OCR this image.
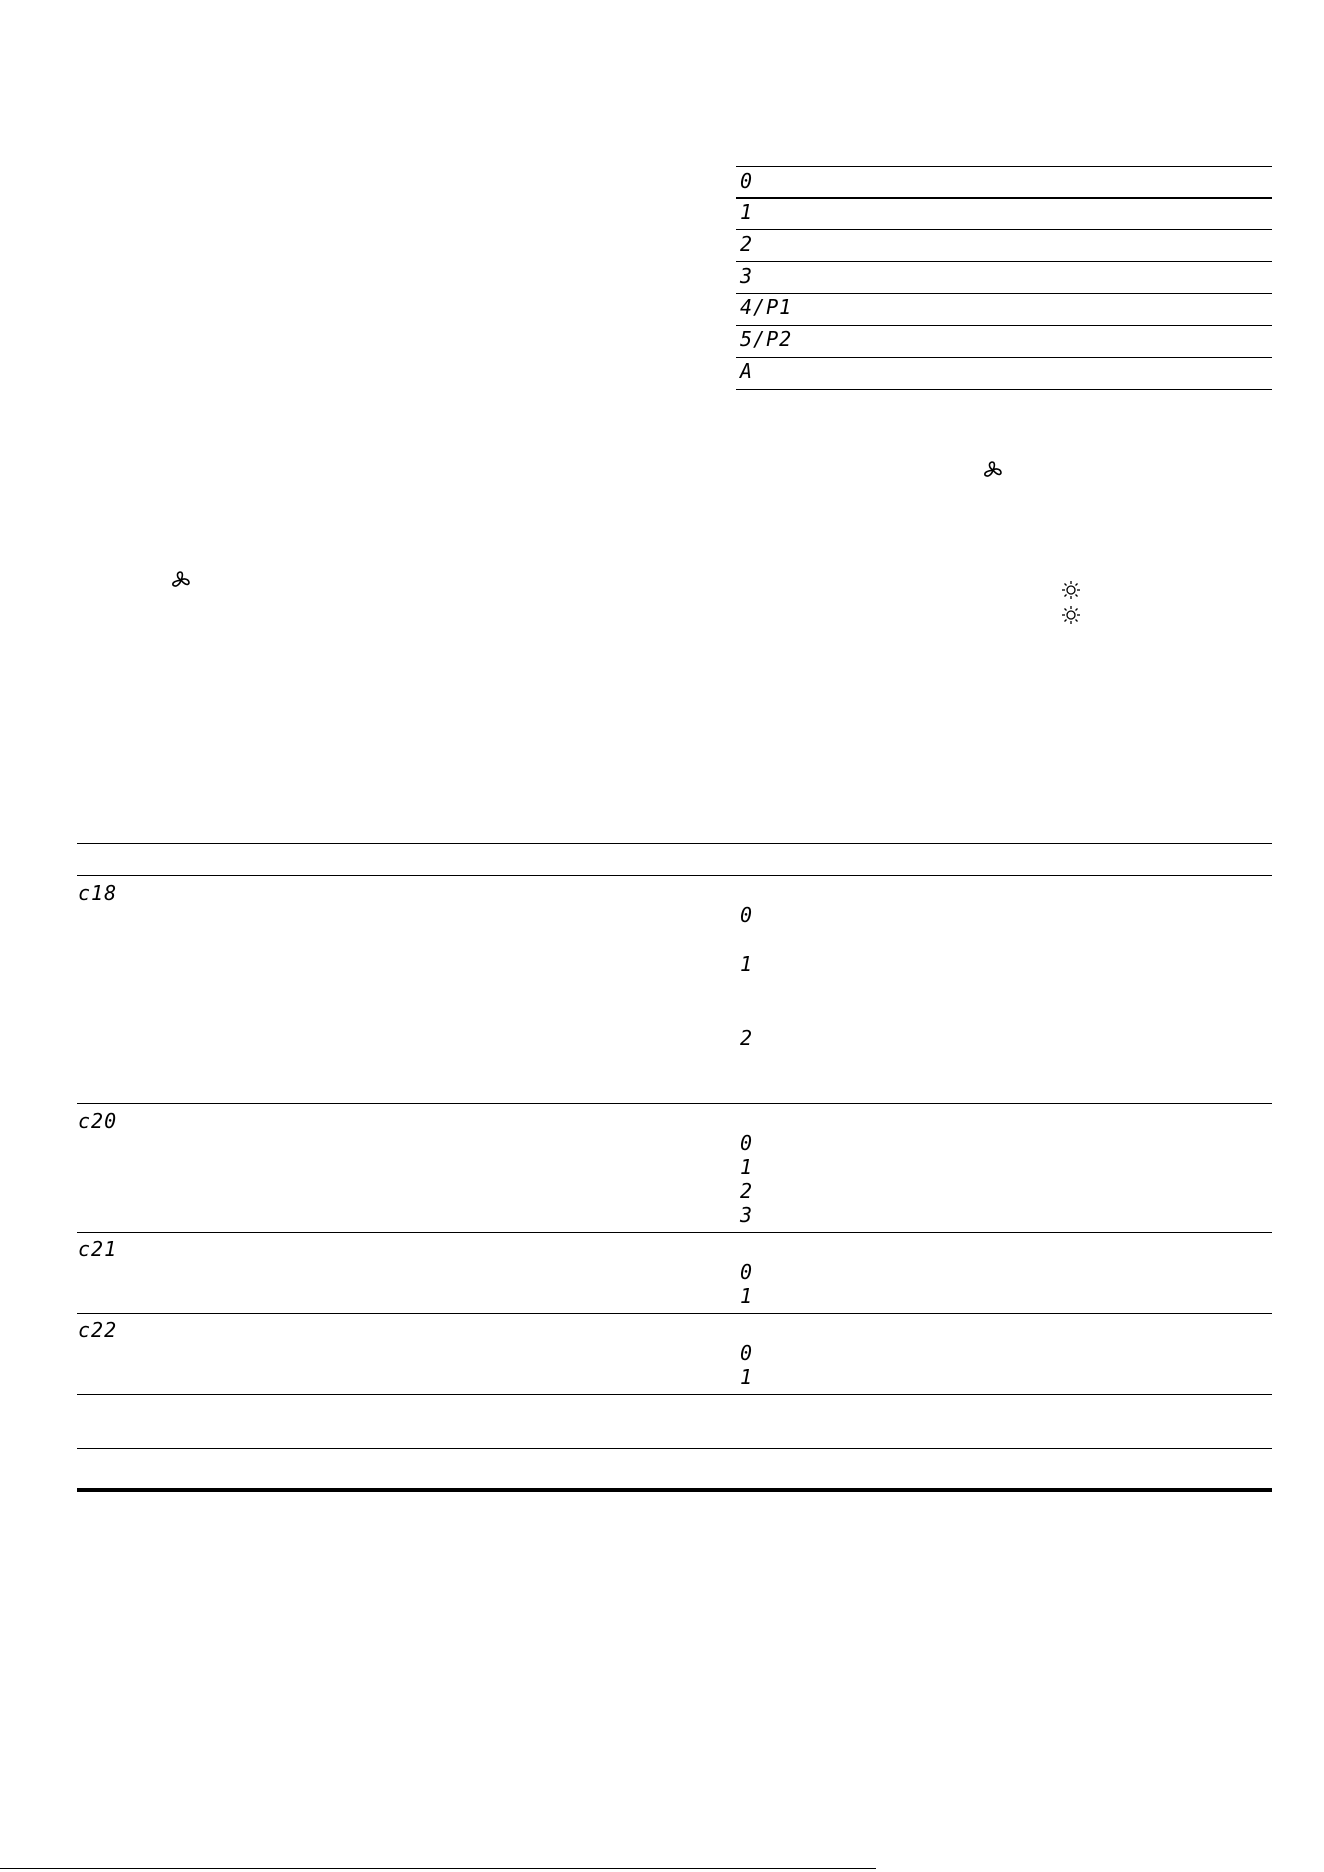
0
1
2
3
4/P1
5/P2
A
c18
0
1
2
c20
0
1
2
3
c21
0
1
c22
0
1
